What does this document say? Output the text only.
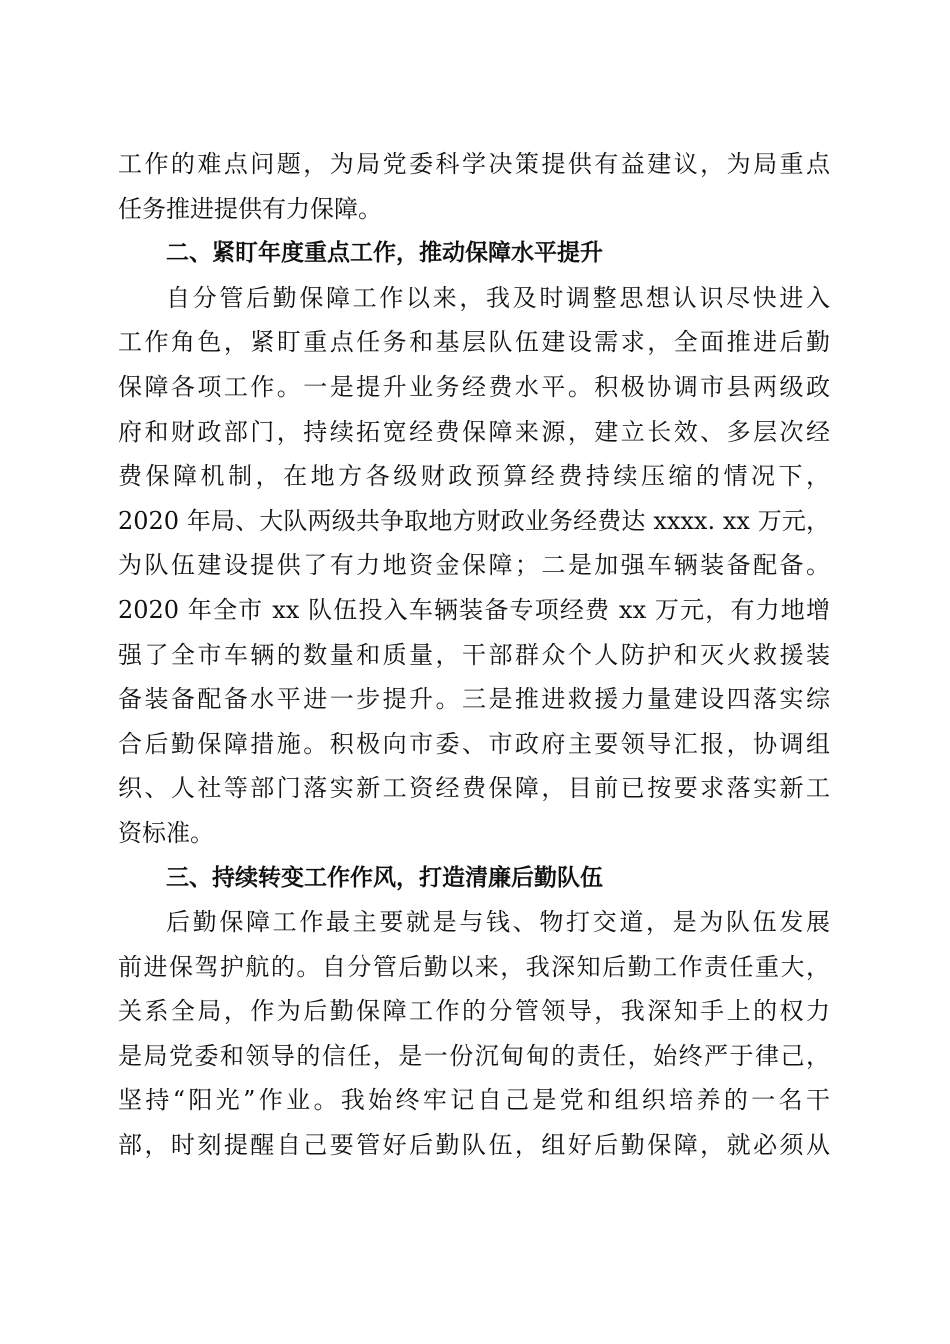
工作的难点问题，为局党委科学决策提供有益建议，为局重点
任务推进提供有力保障。
二、紧盯年度重点工作，推动保障水平提升
自分管后勤保障工作以来，我及时调整思想认识尽快进入
工作角色，紧盯重点任务和基层队伍建设需求，全面推进后勤
保障各项工作。一是提升业务经费水平。积极协调市县两级政
府和财政部门，持续拓宽经费保障来源，建立长效、多层次经
费保障机制，在地方各级财政预算经费持续压缩的情况下，
2020 年局、大队两级共争取地方财政业务经费达 xxxx. xx 万元，
为队伍建设提供了有力地资金保障；二是加强车辆装备配备。
2020 年全市 xx 队伍投入车辆装备专项经费 xx 万元，有力地增
强了全市车辆的数量和质量，干部群众个人防护和灭火救援装
备装备配备水平进一步提升。三是推进救援力量建设四落实综
合后勤保障措施。积极向市委、市政府主要领导汇报，协调组
织、人社等部门落实新工资经费保障，目前已按要求落实新工
资标准。
三、持续转变工作作风，打造清廉后勤队伍
后勤保障工作最主要就是与钱、物打交道，是为队伍发展
前进保驾护航的。自分管后勤以来，我深知后勤工作责任重大，
关系全局，作为后勤保障工作的分管领导，我深知手上的权力
是局党委和领导的信任，是一份沉甸甸的责任，始终严于律己，
坚持“阳光”作业。我始终牢记自己是党和组织培养的一名干
部，时刻提醒自己要管好后勤队伍，组好后勤保障，就必须从
